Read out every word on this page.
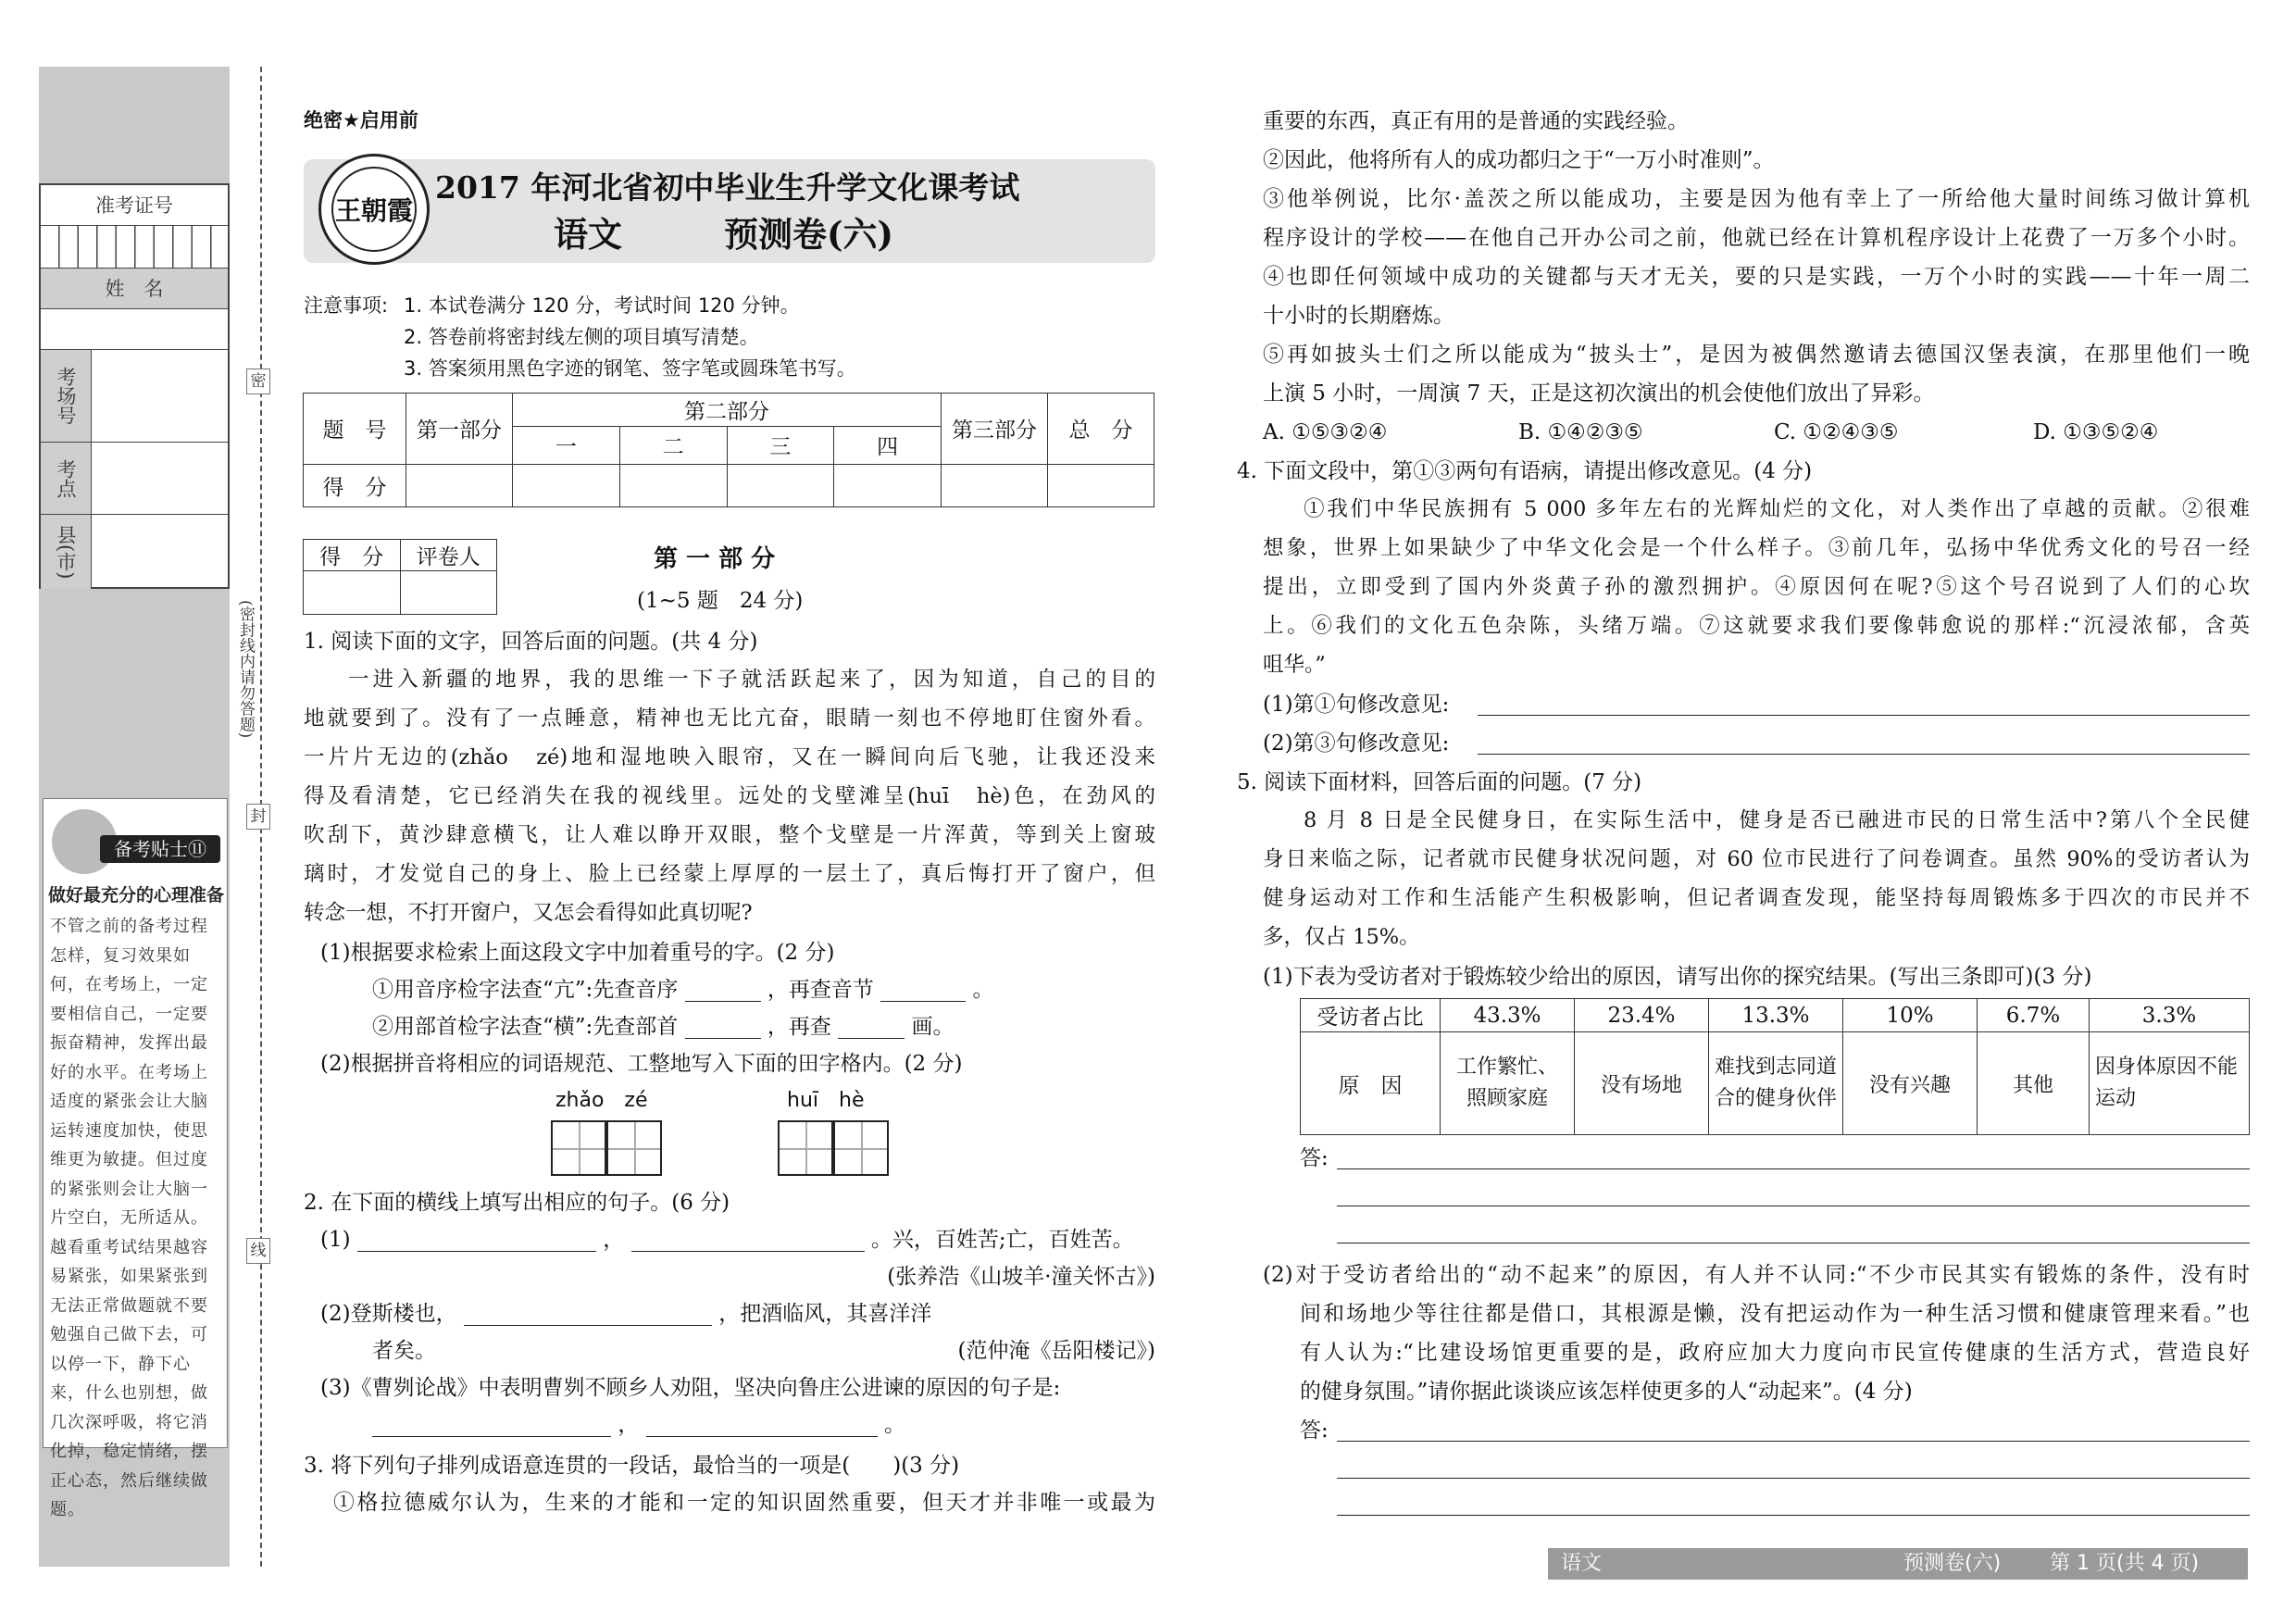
准考证号
姓　名
考场号
考点
县(市)
密
封
线
(密封线内请勿答题)
备考贴士⑪
做好最充分的心理准备
不管之前的备考过程怎样，复习效果如何，在考场上，一定要相信自己，一定要振奋精神，发挥出最好的水平。在考场上适度的紧张会让大脑运转速度加快，使思维更为敏捷。但过度的紧张则会让大脑一片空白，无所适从。越看重考试结果越容易紧张，如果紧张到无法正常做题就不要勉强自己做下去，可以停一下，静下心来，什么也别想，做几次深呼吸，将它消化掉，稳定情绪，摆正心态，然后继续做题。
绝密★启用前
王朝霞
2017 年河北省初中毕业生升学文化课考试
语文	预测卷(六)
注意事项: 1. 本试卷满分 120 分，考试时间 120 分钟。
2. 答卷前将密封线左侧的项目填写清楚。
3. 答案须用黑色字迹的钢笔、签字笔或圆珠笔书写。
题　号	第一部分	第二部分				第三部分	总　分
		一	二	三	四		
得　分							
得　分	评卷人
		第 一 部 分
(1~5 题　24 分)
1. 阅读下面的文字，回答后面的问题。(共 4 分)
一进入新疆的地界，我的思维一下子就活跃起来了，因为知道，自己的目的
地就要到了。没有了一点睡意，精神也无比亢奋，眼睛一刻也不停地盯住窗外看。
一片片无边的(zhǎo　zé)地和湿地映入眼帘，又在一瞬间向后飞驰，让我还没来
得及看清楚，它已经消失在我的视线里。远处的戈壁滩呈(huī　hè)色，在劲风的
吹刮下，黄沙肆意横飞，让人难以睁开双眼，整个戈壁是一片浑黄，等到关上窗玻
璃时，才发觉自己的身上、脸上已经蒙上厚厚的一层土了，真后悔打开了窗户，但
转念一想，不打开窗户，又怎会看得如此真切呢?
(1)根据要求检索上面这段文字中加着重号的字。(2 分)
①用音序检字法查“亢”:先查音序	，再查音节	。
②用部首检字法查“横”:先查部首	，再查	画。
(2)根据拼音将相应的词语规范、工整地写入下面的田字格内。(2 分)
zhǎo　zé	huī　hè
2. 在下面的横线上填写出相应的句子。(6 分)
(1)	，	。兴，百姓苦;亡，百姓苦。
(张养浩《山坡羊·潼关怀古》)
(2)登斯楼也，	，把酒临风，其喜洋洋
者矣。	(范仲淹《岳阳楼记》)
(3)《曹刿论战》中表明曹刿不顾乡人劝阻，坚决向鲁庄公进谏的原因的句子是:
，	。
3. 将下列句子排列成语意连贯的一段话，最恰当的一项是(　　)(3 分)
①格拉德威尔认为，生来的才能和一定的知识固然重要，但天才并非唯一或最为
重要的东西，真正有用的是普通的实践经验。
②因此，他将所有人的成功都归之于“一万小时准则”。
③他举例说，比尔·盖茨之所以能成功，主要是因为他有幸上了一所给他大量时间练习做计算机
程序设计的学校——在他自己开办公司之前，他就已经在计算机程序设计上花费了一万多个小时。
④也即任何领域中成功的关键都与天才无关，要的只是实践，一万个小时的实践——十年一周二
十小时的长期磨炼。
⑤再如披头士们之所以能成为“披头士”，是因为被偶然邀请去德国汉堡表演，在那里他们一晚
上演 5 小时，一周演 7 天，正是这初次演出的机会使他们放出了异彩。
A. ①⑤③②④	B. ①④②③⑤	C. ①②④③⑤	D. ①③⑤②④
4. 下面文段中，第①③两句有语病，请提出修改意见。(4 分)
①我们中华民族拥有 5 000 多年左右的光辉灿烂的文化，对人类作出了卓越的贡献。②很难
想象，世界上如果缺少了中华文化会是一个什么样子。③前几年，弘扬中华优秀文化的号召一经
提出，立即受到了国内外炎黄子孙的激烈拥护。④原因何在呢?⑤这个号召说到了人们的心坎
上。⑥我们的文化五色杂陈，头绪万端。⑦这就要求我们要像韩愈说的那样:“沉浸浓郁，含英
咀华。”
(1)第①句修改意见:
(2)第③句修改意见:
5. 阅读下面材料，回答后面的问题。(7 分)
8 月 8 日是全民健身日，在实际生活中，健身是否已融进市民的日常生活中?第八个全民健
身日来临之际，记者就市民健身状况问题，对 60 位市民进行了问卷调查。虽然 90%的受访者认为
健身运动对工作和生活能产生积极影响，但记者调查发现，能坚持每周锻炼多于四次的市民并不
多，仅占 15%。
(1)下表为受访者对于锻炼较少给出的原因，请写出你的探究结果。(写出三条即可)(3 分)
受访者占比	43.3%	23.4%	13.3%	10%	6.7%	3.3%
原　因	工作繁忙、照顾家庭	没有场地	难找到志同道合的健身伙伴	没有兴趣	其他	因身体原因不能运动
答:
(2)对于受访者给出的“动不起来”的原因，有人并不认同:“不少市民其实有锻炼的条件，没有时
间和场地少等往往都是借口，其根源是懒，没有把运动作为一种生活习惯和健康管理来看。”也
有人认为:“比建设场馆更重要的是，政府应加大力度向市民宣传健康的生活方式，营造良好
的健身氛围。”请你据此谈谈应该怎样使更多的人“动起来”。(4 分)
答:
语文	预测卷(六) 第 1 页(共 4 页)
